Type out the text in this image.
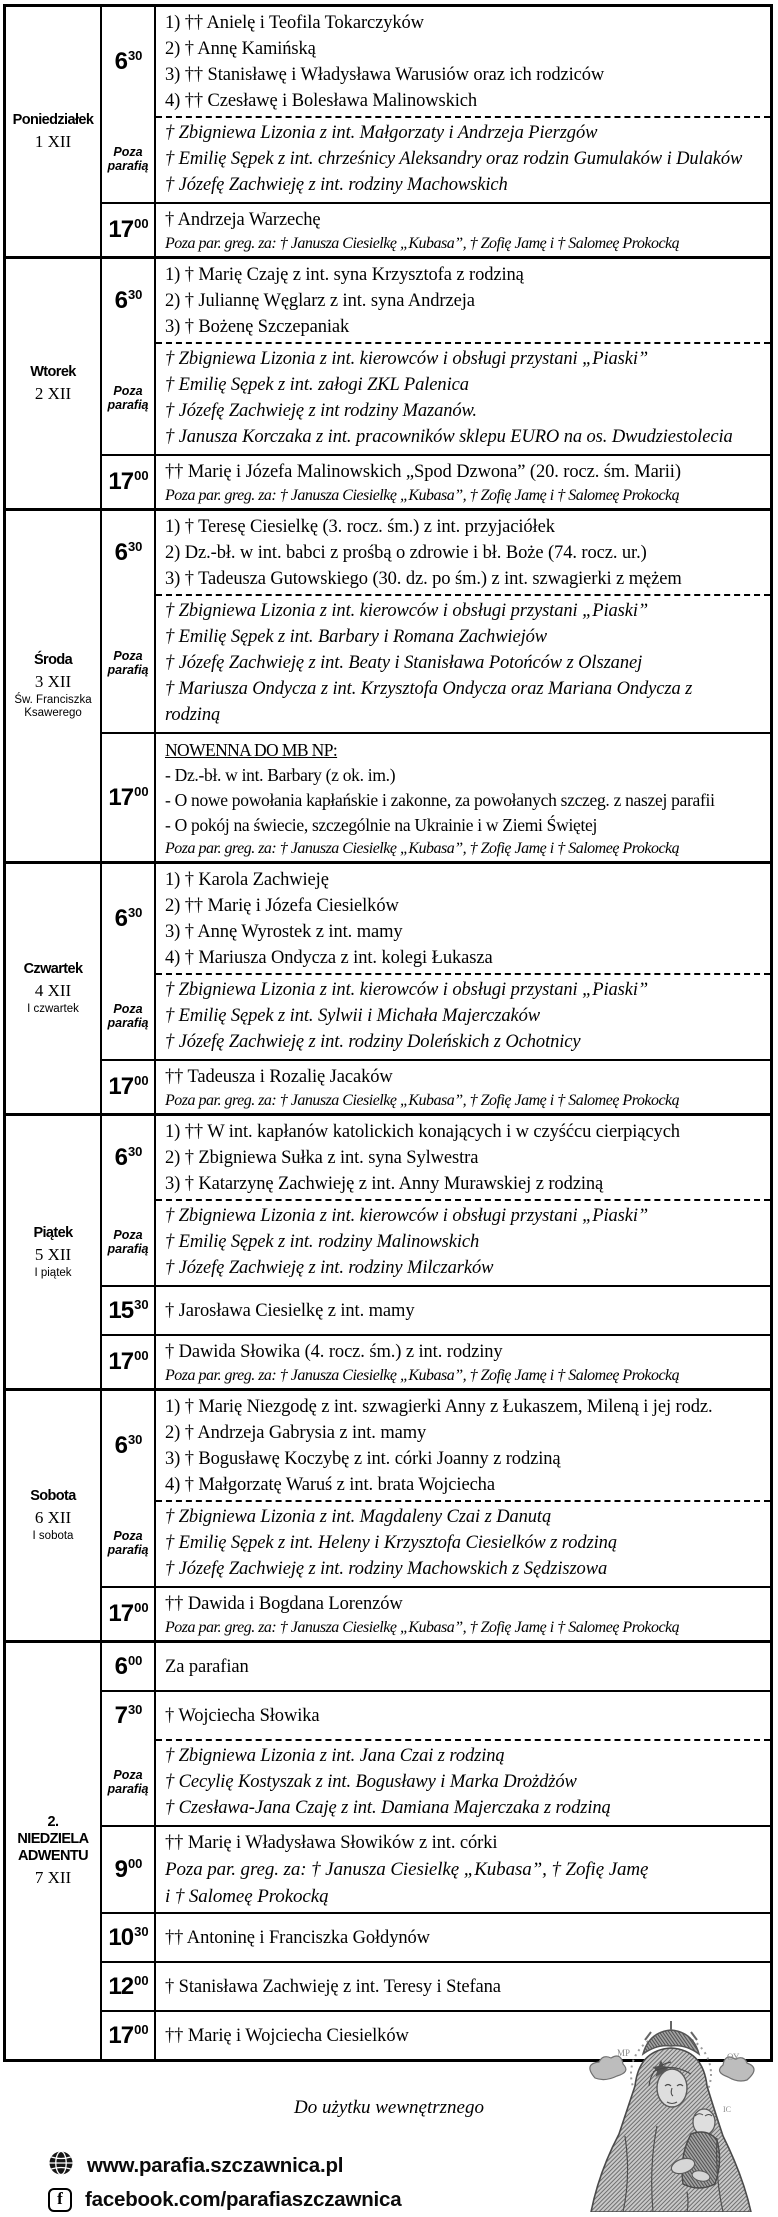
Poniedziałek
1 XII
$6^{30}$
1) †† Anielę i Teofila Tokarczyków
2) † Annę Kamińską
3) †† Stanisławę i Władysława Warusiów oraz ich rodziców
4) †† Czesławę i Bolesława Malinowskich
Poza parafią
† Zbigniewa Lizonia z int. Małgorzaty i Andrzeja Pierzgów
† Emilię Sępek z int. chrześnicy Aleksandry oraz rodzin Gumulaków i Dulaków
† Józefę Zachwieję z int. rodziny Machowskich
$17^{00}$ † Andrzeja Warzechę
Poza par. greg. za: † Janusza Ciesielkę „Kubasa”, † Zofię Jamę i † Salomeę Prokocką
Wtorek
2 XII
$6^{30}$
1) † Marię Czaję z int. syna Krzysztofa z rodziną
2) † Juliannę Węglarz z int. syna Andrzeja
3) † Bożenę Szczepaniak
Poza parafią
† Zbigniewa Lizonia z int. kierowców i obsługi przystani „Piaski”
† Emilię Sępek z int. załogi ZKL Palenica
† Józefę Zachwieję z int rodziny Mazanów.
† Janusza Korczaka z int. pracowników sklepu EURO na os. Dwudziestolecia
$17^{00}$ †† Marię i Józefa Malinowskich „Spod Dzwona” (20. rocz. śm. Marii)
Poza par. greg. za: † Janusza Ciesielkę „Kubasa”, † Zofię Jamę i † Salomeę Prokocką
Środa
3 XII
Św. Franciszka Ksawerego
$6^{30}$
1) † Teresę Ciesielkę (3. rocz. śm.) z int. przyjaciółek
2) Dz.-bł. w int. babci z prośbą o zdrowie i bł. Boże (74. rocz. ur.)
3) † Tadeusza Gutowskiego (30. dz. po śm.) z int. szwagierki z mężem
Poza parafią
† Zbigniewa Lizonia z int. kierowców i obsługi przystani „Piaski”
† Emilię Sępek z int. Barbary i Romana Zachwiejów
† Józefę Zachwieję z int. Beaty i Stanisława Potońców z Olszanej
† Mariusza Ondycza z int. Krzysztofa Ondycza oraz Mariana Ondycza z
rodziną
$17^{00}$
NOWENNA DO MB NP:
- Dz.-bł. w int. Barbary (z ok. im.)
- O nowe powołania kapłańskie i zakonne, za powołanych szczeg. z naszej parafii
- O pokój na świecie, szczególnie na Ukrainie i w Ziemi Świętej
Poza par. greg. za: † Janusza Ciesielkę „Kubasa”, † Zofię Jamę i † Salomeę Prokocką
Czwartek
4 XII
I czwartek
$6^{30}$
1) † Karola Zachwieję
2) †† Marię i Józefa Ciesielków
3) † Annę Wyrostek z int. mamy
4) † Mariusza Ondycza z int. kolegi Łukasza
Poza parafią
† Zbigniewa Lizonia z int. kierowców i obsługi przystani „Piaski”
† Emilię Sępek z int. Sylwii i Michała Majerczaków
† Józefę Zachwieję z int. rodziny Doleńskich z Ochotnicy
$17^{00}$ †† Tadeusza i Rozalię Jacaków
Poza par. greg. za: † Janusza Ciesielkę „Kubasa”, † Zofię Jamę i † Salomeę Prokocką
Piątek
5 XII
I piątek
$6^{30}$
1) †† W int. kapłanów katolickich konających i w czyśćcu cierpiących
2) † Zbigniewa Sułka z int. syna Sylwestra
3) † Katarzynę Zachwieję z int. Anny Murawskiej z rodziną
Poza parafią
† Zbigniewa Lizonia z int. kierowców i obsługi przystani „Piaski”
† Emilię Sępek z int. rodziny Malinowskich
† Józefę Zachwieję z int. rodziny Milczarków
$15^{30}$ † Jarosława Ciesielkę z int. mamy
$17^{00}$ † Dawida Słowika (4. rocz. śm.) z int. rodziny
Poza par. greg. za: † Janusza Ciesielkę „Kubasa”, † Zofię Jamę i † Salomeę Prokocką
Sobota
6 XII
I sobota
$6^{30}$
1) † Marię Niezgodę z int. szwagierki Anny z Łukaszem, Mileną i jej rodz.
2) † Andrzeja Gabrysia z int. mamy
3) † Bogusławę Koczybę z int. córki Joanny z rodziną
4) † Małgorzatę Waruś z int. brata Wojciecha
Poza parafią
† Zbigniewa Lizonia z int. Magdaleny Czai z Danutą
† Emilię Sępek z int. Heleny i Krzysztofa Ciesielków z rodziną
† Józefę Zachwieję z int. rodziny Machowskich z Sędziszowa
$17^{00}$ †† Dawida i Bogdana Lorenzów
Poza par. greg. za: † Janusza Ciesielkę „Kubasa”, † Zofię Jamę i † Salomeę Prokocką
2.
NIEDZIELA
ADWENTU
7 XII
$6^{00}$ Za parafian
$7^{30}$ † Wojciecha Słowika
Poza parafią
† Zbigniewa Lizonia z int. Jana Czai z rodziną
† Cecylię Kostyszak z int. Bogusławy i Marka Drożdżów
† Czesława-Jana Czaję z int. Damiana Majerczaka z rodziną
$9^{00}$
†† Marię i Władysława Słowików z int. córki
Poza par. greg. za: † Janusza Ciesielkę „Kubasa”, † Zofię Jamę
i † Salomeę Prokocką
$10^{30}$ †† Antoninę i Franciszka Gołdynów
$12^{00}$ † Stanisława Zachwieję z int. Teresy i Stefana
$17^{00}$ †† Marię i Wojciecha Ciesielków
Do użytku wewnętrznego
www.parafia.szczawnica.pl
f	facebook.com/parafiaszczawnica
ΜΡ	ΘΥ
ΙϹ
